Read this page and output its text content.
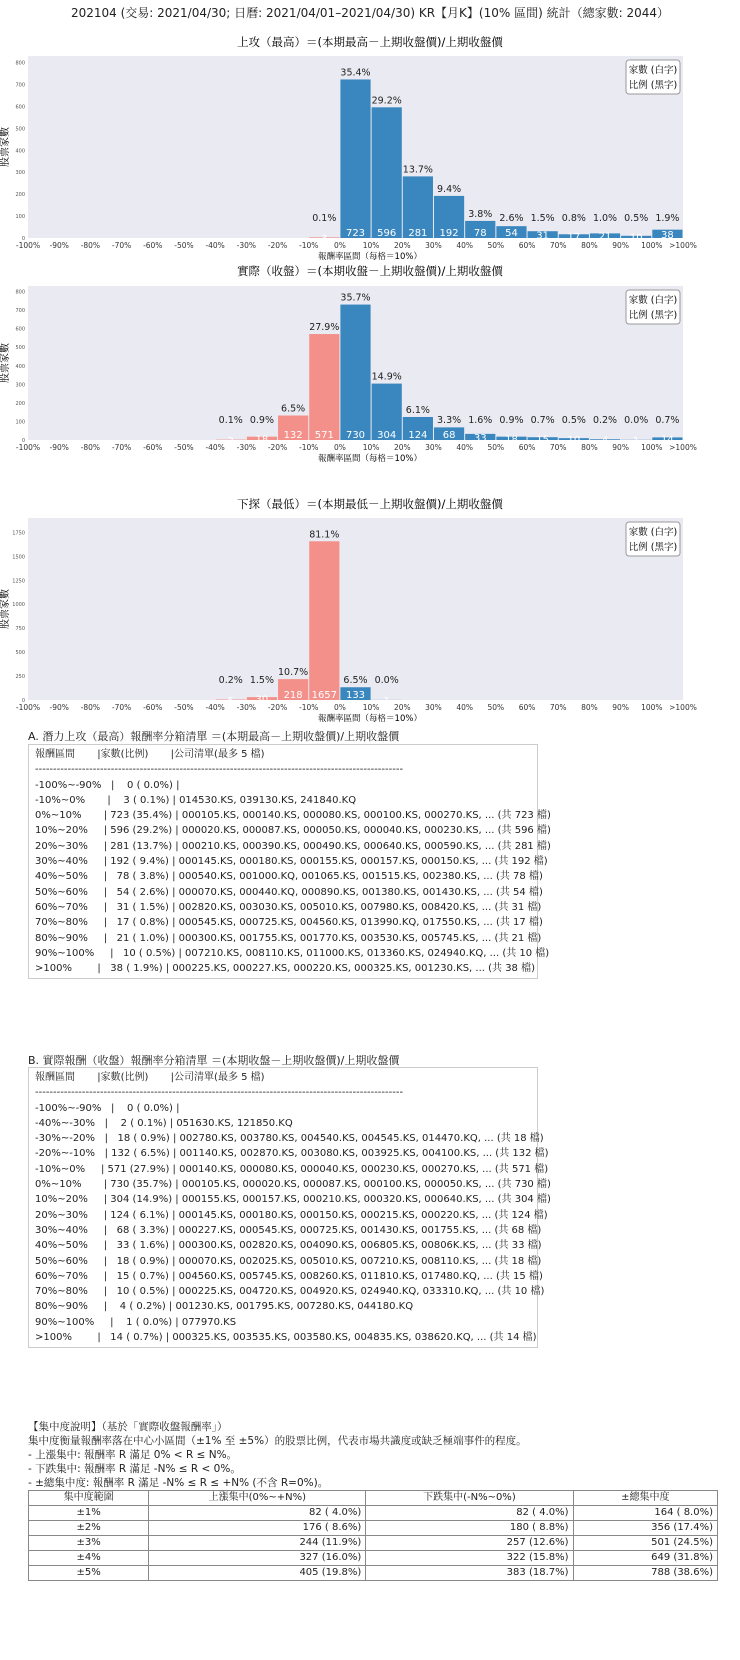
202104 (交易: 2021/04/30; 日曆: 2021/04/01–2021/04/30) KR【月K】(10% 區間) 統計（總家數: 2044）
上攻（最高）＝(本期最高－上期收盤價)/上期收盤價
0
100
200
300
400
500
600
700
800
股票家數
3
0.1%
723
35.4%
596
29.2%
281
13.7%
192
9.4%
78
3.8%
54
2.6%
31
1.5%
17
0.8%
21
1.0%
10
0.5%
38
1.9%
-100% -90% -80% -70% -60% -50% -40% -30% -20% -10% 0% 10% 20% 30% 40% 50% 60% 70% 80% 90% 100% >100%
報酬率區間（每格＝10%）
家數 (白字)
比例 (黑字)
實際（收盤）＝(本期收盤－上期收盤價)/上期收盤價
0
100
200
300
400
500
600
700
800
股票家數
2
0.1%
18
0.9%
132
6.5%
571
27.9%
730
35.7%
304
14.9%
124
6.1%
68
3.3%
33
1.6%
18
0.9%
15
0.7%
10
0.5%
4
0.2%
1
0.0%
14
0.7%
-100% -90% -80% -70% -60% -50% -40% -30% -20% -10% 0% 10% 20% 30% 40% 50% 60% 70% 80% 90% 100% >100%
報酬率區間（每格＝10%）
家數 (白字)
比例 (黑字)
下探（最低）＝(本期最低－上期收盤價)/上期收盤價
0
250
500
750
1000
1250
1500
1750
股票家數
5
0.2%
30
1.5%
218
10.7%
1657
81.1%
133
6.5%
1
0.0%
-100% -90% -80% -70% -60% -50% -40% -30% -20% -10% 0% 10% 20% 30% 40% 50% 60% 70% 80% 90% 100% >100%
報酬率區間（每格＝10%）
家數 (白字)
比例 (黑字)
A. 潛力上攻（最高）報酬率分箱清單 ＝(本期最高－上期收盤價)/上期收盤價
報酬區間       |家數(比例)       |公司清單(最多 5 檔)
------------------------------------------------------------------------------------------------------
-100%~-90%   |    0 ( 0.0%) |
-10%~0%       |    3 ( 0.1%) | 014530.KS, 039130.KS, 241840.KQ
0%~10%       | 723 (35.4%) | 000105.KS, 000140.KS, 000080.KS, 000100.KS, 000270.KS, ... (共 723 檔)
10%~20%     | 596 (29.2%) | 000020.KS, 000087.KS, 000050.KS, 000040.KS, 000230.KS, ... (共 596 檔)
20%~30%     | 281 (13.7%) | 000210.KS, 000390.KS, 000490.KS, 000640.KS, 000590.KS, ... (共 281 檔)
30%~40%     | 192 ( 9.4%) | 000145.KS, 000180.KS, 000155.KS, 000157.KS, 000150.KS, ... (共 192 檔)
40%~50%     |   78 ( 3.8%) | 000540.KS, 001000.KQ, 001065.KS, 001515.KS, 002380.KS, ... (共 78 檔)
50%~60%     |   54 ( 2.6%) | 000070.KS, 000440.KQ, 000890.KS, 001380.KS, 001430.KS, ... (共 54 檔)
60%~70%     |   31 ( 1.5%) | 002820.KS, 003030.KS, 005010.KS, 007980.KS, 008420.KS, ... (共 31 檔)
70%~80%     |   17 ( 0.8%) | 000545.KS, 000725.KS, 004560.KS, 013990.KQ, 017550.KS, ... (共 17 檔)
80%~90%     |   21 ( 1.0%) | 000300.KS, 001755.KS, 001770.KS, 003530.KS, 005745.KS, ... (共 21 檔)
90%~100%     |   10 ( 0.5%) | 007210.KS, 008110.KS, 011000.KS, 013360.KS, 024940.KQ, ... (共 10 檔)
>100%        |   38 ( 1.9%) | 000225.KS, 000227.KS, 000220.KS, 000325.KS, 001230.KS, ... (共 38 檔)
B. 實際報酬（收盤）報酬率分箱清單 ＝(本期收盤－上期收盤價)/上期收盤價
報酬區間       |家數(比例)       |公司清單(最多 5 檔)
------------------------------------------------------------------------------------------------------
-100%~-90%   |    0 ( 0.0%) |
-40%~-30%   |    2 ( 0.1%) | 051630.KS, 121850.KQ
-30%~-20%   |   18 ( 0.9%) | 002780.KS, 003780.KS, 004540.KS, 004545.KS, 014470.KQ, ... (共 18 檔)
-20%~-10%   | 132 ( 6.5%) | 001140.KS, 002870.KS, 003080.KS, 003925.KS, 004100.KS, ... (共 132 檔)
-10%~0%     | 571 (27.9%) | 000140.KS, 000080.KS, 000040.KS, 000230.KS, 000270.KS, ... (共 571 檔)
0%~10%       | 730 (35.7%) | 000105.KS, 000020.KS, 000087.KS, 000100.KS, 000050.KS, ... (共 730 檔)
10%~20%     | 304 (14.9%) | 000155.KS, 000157.KS, 000210.KS, 000320.KS, 000640.KS, ... (共 304 檔)
20%~30%     | 124 ( 6.1%) | 000145.KS, 000180.KS, 000150.KS, 000215.KS, 000220.KS, ... (共 124 檔)
30%~40%     |   68 ( 3.3%) | 000227.KS, 000545.KS, 000725.KS, 001430.KS, 001755.KS, ... (共 68 檔)
40%~50%     |   33 ( 1.6%) | 000300.KS, 002820.KS, 004090.KS, 006805.KS, 00806K.KS, ... (共 33 檔)
50%~60%     |   18 ( 0.9%) | 000070.KS, 002025.KS, 005010.KS, 007210.KS, 008110.KS, ... (共 18 檔)
60%~70%     |   15 ( 0.7%) | 004560.KS, 005745.KS, 008260.KS, 011810.KS, 017480.KQ, ... (共 15 檔)
70%~80%     |   10 ( 0.5%) | 000225.KS, 004720.KS, 004920.KS, 024940.KQ, 033310.KQ, ... (共 10 檔)
80%~90%     |    4 ( 0.2%) | 001230.KS, 001795.KS, 007280.KS, 044180.KQ
90%~100%     |    1 ( 0.0%) | 077970.KS
>100%        |   14 ( 0.7%) | 000325.KS, 003535.KS, 003580.KS, 004835.KS, 038620.KQ, ... (共 14 檔)
【集中度說明】（基於「實際收盤報酬率」）
集中度衡量報酬率落在中心小區間（±1% 至 ±5%）的股票比例，代表市場共識度或缺乏極端事件的程度。
- 上漲集中: 報酬率 R 滿足 0% < R ≤ N%。
- 下跌集中: 報酬率 R 滿足 -N% ≤ R < 0%。
- ±總集中度: 報酬率 R 滿足 -N% ≤ R ≤ +N% (不含 R=0%)。
集中度範圍	上漲集中(0%~+N%)	下跌集中(-N%~0%)	±總集中度
±1%	82 ( 4.0%)	82 ( 4.0%)	164 ( 8.0%)
±2%	176 ( 8.6%)	180 ( 8.8%)	356 (17.4%)
±3%	244 (11.9%)	257 (12.6%)	501 (24.5%)
±4%	327 (16.0%)	322 (15.8%)	649 (31.8%)
±5%	405 (19.8%)	383 (18.7%)	788 (38.6%)
